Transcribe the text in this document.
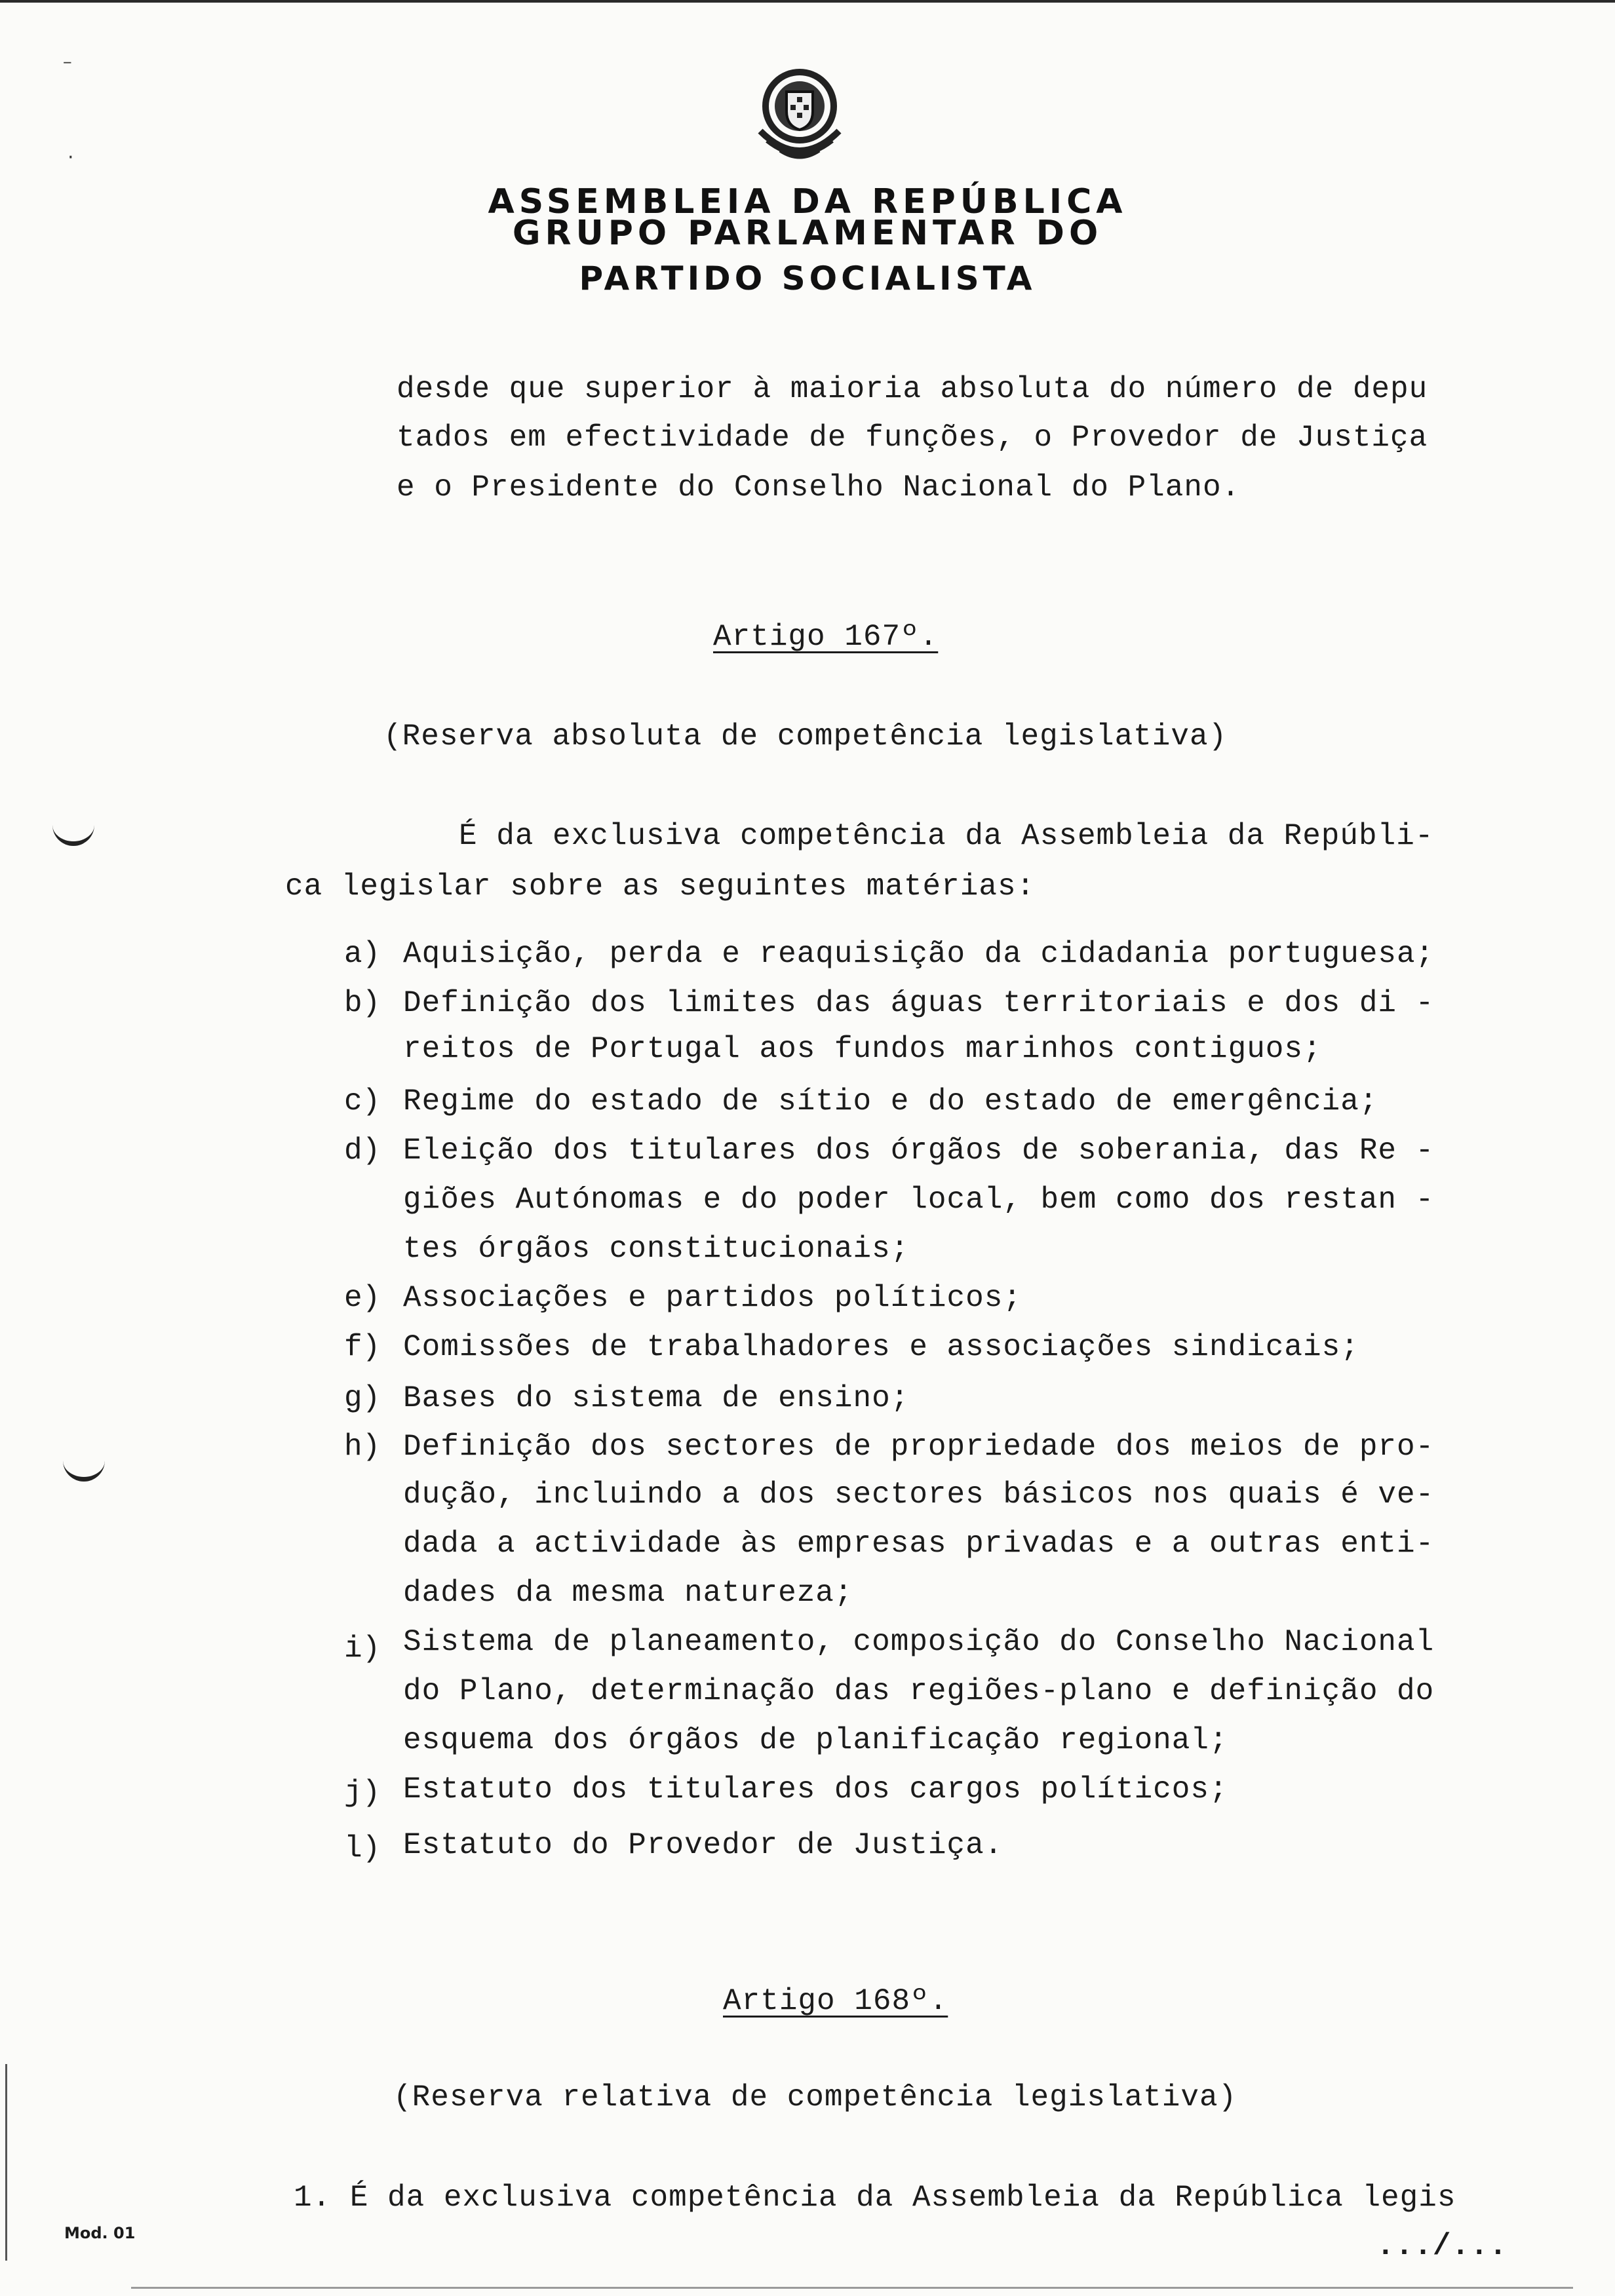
–
·
ASSEMBLEIA DA REPÚBLICA
GRUPO PARLAMENTAR DO
PARTIDO SOCIALISTA
desde que superior à maioria absoluta do número de depu
tados em efectividade de funções, o Provedor de Justiça
e o Presidente do Conselho Nacional do Plano.
Artigo 167º.
(Reserva absoluta de competência legislativa)
É da exclusiva competência da Assembleia da Repúbli-
ca legislar sobre as seguintes matérias:
a) Aquisição, perda e reaquisição da cidadania portuguesa;
b) Definição dos limites das águas territoriais e dos di -
reitos de Portugal aos fundos marinhos contiguos;
c) Regime do estado de sítio e do estado de emergência;
d) Eleição dos titulares dos órgãos de soberania, das Re -
giões Autónomas e do poder local, bem como dos restan -
tes órgãos constitucionais;
e) Associações e partidos políticos;
f) Comissões de trabalhadores e associações sindicais;
g) Bases do sistema de ensino;
h) Definição dos sectores de propriedade dos meios de pro-
dução, incluindo a dos sectores básicos nos quais é ve-
dada a actividade às empresas privadas e a outras enti-
dades da mesma natureza;
i) Sistema de planeamento, composição do Conselho Nacional
do Plano, determinação das regiões-plano e definição do
esquema dos órgãos de planificação regional;
j) Estatuto dos titulares dos cargos políticos;
l) Estatuto do Provedor de Justiça.
Artigo 168º.
(Reserva relativa de competência legislativa)
1. É da exclusiva competência da Assembleia da República legis
.../...
Mod. 01
